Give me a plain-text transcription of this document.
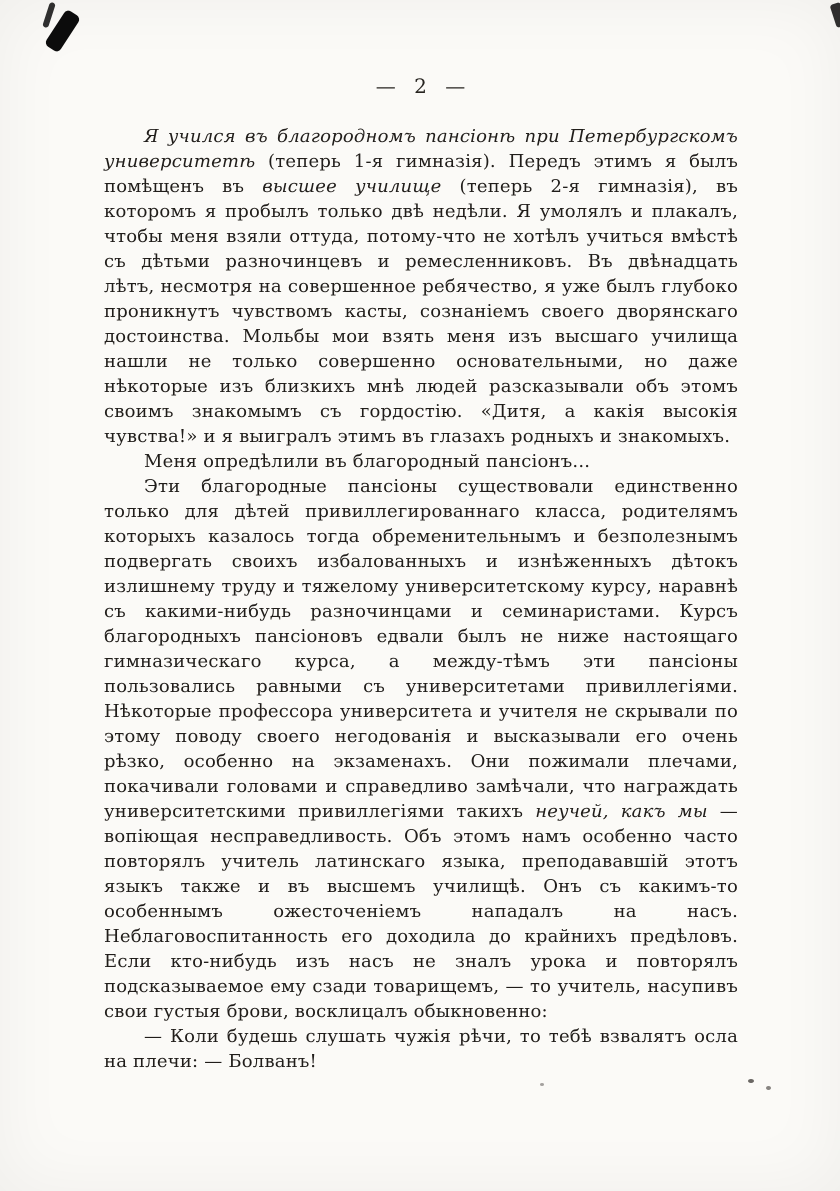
— 2 —

Я учился въ благородномъ пансіонѣ при Петербургскомъ университетѣ (теперь 1-я гимназія). Передъ этимъ я былъ помѣщенъ въ высшее училище (теперь 2-я гимназія), въ которомъ я пробылъ только двѣ недѣли. Я умолялъ и плакалъ, чтобы меня взяли оттуда, потому-что не хотѣлъ учиться вмѣстѣ съ дѣтьми разночинцевъ и ремесленниковъ. Въ двѣнадцать лѣтъ, несмотря на совершенное ребячество, я уже былъ глубоко проникнутъ чувствомъ касты, сознаніемъ своего дворянскаго достоинства. Мольбы мои взять меня изъ высшаго училища нашли не только совершенно основательными, но даже нѣкоторые изъ близкихъ мнѣ людей разсказывали объ этомъ своимъ знакомымъ съ гордостію. «Дитя, а какія высокія чувства!» и я выигралъ этимъ въ глазахъ родныхъ и знакомыхъ.

Меня опредѣлили въ благородный пансіонъ...

Эти благородные пансіоны существовали единственно только для дѣтей привиллегированнаго класса, родителямъ которыхъ казалось тогда обременительнымъ и безполезнымъ подвергать своихъ избалованныхъ и изнѣженныхъ дѣтокъ излишнему труду и тяжелому университетскому курсу, наравнѣ съ какими-нибудь разночинцами и семинаристами. Курсъ благородныхъ пансіоновъ едвали былъ не ниже настоящаго гимназическаго курса, а между-тѣмъ эти пансіоны пользовались равными съ университетами привиллегіями. Нѣкоторые профессора университета и учителя не скрывали по этому поводу своего негодованія и высказывали его очень рѣзко, особенно на экзаменахъ. Они пожимали плечами, покачивали головами и справедливо замѣчали, что награждать университетскими привиллегіями такихъ неучей, какъ мы — вопіющая несправедливость. Объ этомъ намъ особенно часто повторялъ учитель латинскаго языка, преподававшій этотъ языкъ также и въ высшемъ училищѣ. Онъ съ какимъ-то особеннымъ ожесточеніемъ нападалъ на насъ. Неблаговоспитанность его доходила до крайнихъ предѣловъ. Если кто-нибудь изъ насъ не зналъ урока и повторялъ подсказываемое ему сзади товарищемъ, — то учитель, насупивъ свои густыя брови, восклицалъ обыкновенно:

— Коли будешь слушать чужія рѣчи, то тебѣ взвалятъ осла на плечи: — Болванъ!
